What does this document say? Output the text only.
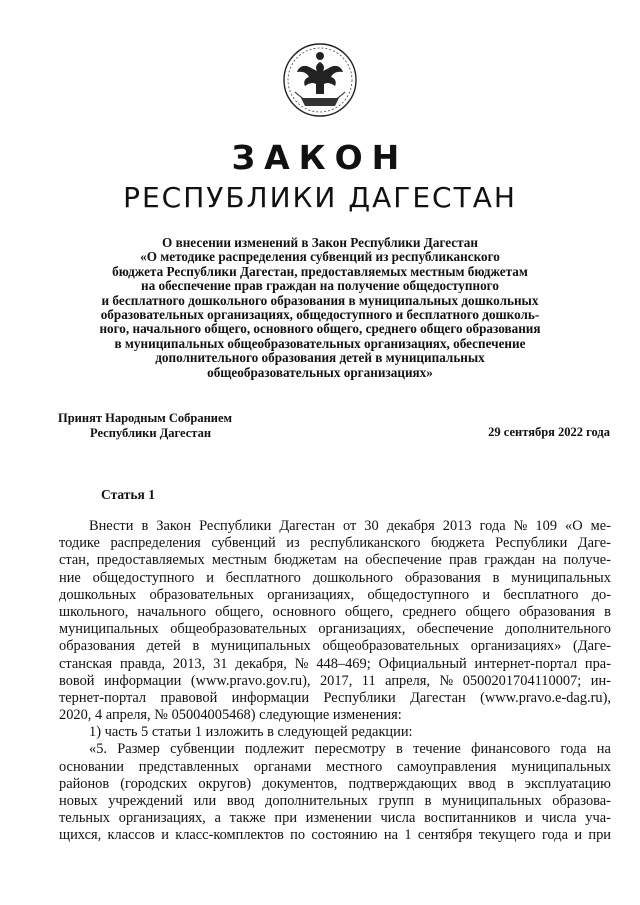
ЗАКОН
РЕСПУБЛИКИ ДАГЕСТАН
О внесении изменений в Закон Республики Дагестан
«О методике распределения субвенций из республиканского
бюджета Республики Дагестан, предоставляемых местным бюджетам
на обеспечение прав граждан на получение общедоступного
и бесплатного дошкольного образования в муниципальных дошкольных
образовательных организациях, общедоступного и бесплатного дошколь-
ного, начального общего, основного общего, среднего общего образования
в муниципальных общеобразовательных организациях, обеспечение
дополнительного образования детей в муниципальных
общеобразовательных организациях»
Принят Народным Собранием
Республики Дагестан	29 сентября 2022 года
Статья 1
Внести в Закон Республики Дагестан от 30 декабря 2013 года № 109 «О ме-
тодике распределения субвенций из республиканского бюджета Республики Даге-
стан, предоставляемых местным бюджетам на обеспечение прав граждан на получе-
ние общедоступного и бесплатного дошкольного образования в муниципальных
дошкольных образовательных организациях, общедоступного и бесплатного до-
школьного, начального общего, основного общего, среднего общего образования в
муниципальных общеобразовательных организациях, обеспечение дополнительного
образования детей в муниципальных общеобразовательных организациях» (Даге-
станская правда, 2013, 31 декабря, № 448–469; Официальный интернет-портал пра-
вовой информации (www.pravo.gov.ru), 2017, 11 апреля, № 0500201704110007; ин-
тернет-портал правовой информации Республики Дагестан (www.pravo.e-dag.ru),
2020, 4 апреля, № 05004005468) следующие изменения:
1) часть 5 статьи 1 изложить в следующей редакции:
«5. Размер субвенции подлежит пересмотру в течение финансового года на
основании представленных органами местного самоуправления муниципальных
районов (городских округов) документов, подтверждающих ввод в эксплуатацию
новых учреждений или ввод дополнительных групп в муниципальных образова-
тельных организациях, а также при изменении числа воспитанников и числа уча-
щихся, классов и класс-комплектов по состоянию на 1 сентября текущего года и при
